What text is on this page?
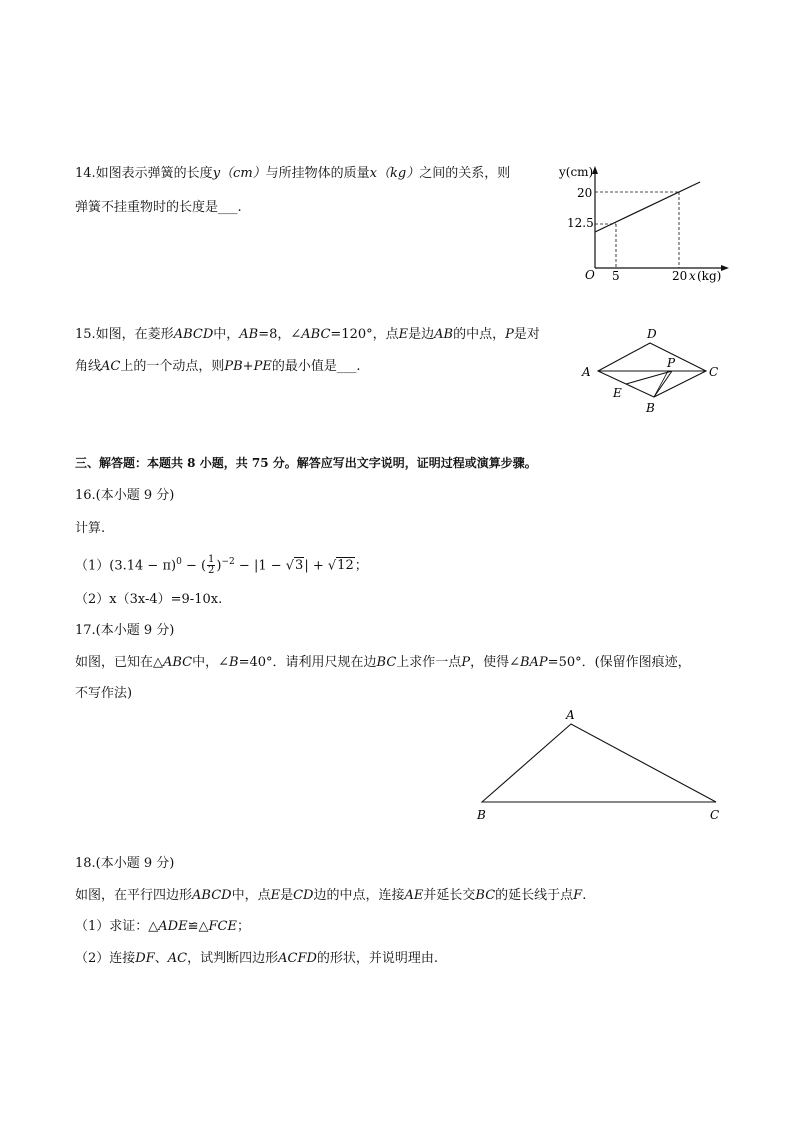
14.如图表示弹簧的长度y（cm）与所挂物体的质量x（kg）之间的关系，则
弹簧不挂重物时的长度是___.
y(cm)
20
12.5
O 5	20 x (kg)
15.如图，在菱形ABCD中，AB=8，∠ABC=120°，点E是边AB的中点，P是对
角线AC上的一个动点，则PB+PE的最小值是___.	A
D
C
B
E
P
三、解答题：本题共 8 小题，共 75 分。解答应写出文字说明，证明过程或演算步骤。
16.(本小题 9 分)
计算.
$(1)(3.14 - \pi)^0$ − ( $\frac{1}{2} )^{-2} - |1 - √3| + √12$；
（2）x（3x-4）=9-10x.
17.(本小题 9 分)
如图，已知在△ABC中，∠B=40°．请利用尺规在边BC上求作一点P，使得∠BAP=50°．(保留作图痕迹，
不写作法)
A
B	C
18.(本小题 9 分)
如图，在平行四边形ABCD中，点E是CD边的中点，连接AE并延长交BC的延长线于点F.
（1）求证：△ADE≌△FCE；
（2）连接DF、AC，试判断四边形ACFD的形状，并说明理由.
